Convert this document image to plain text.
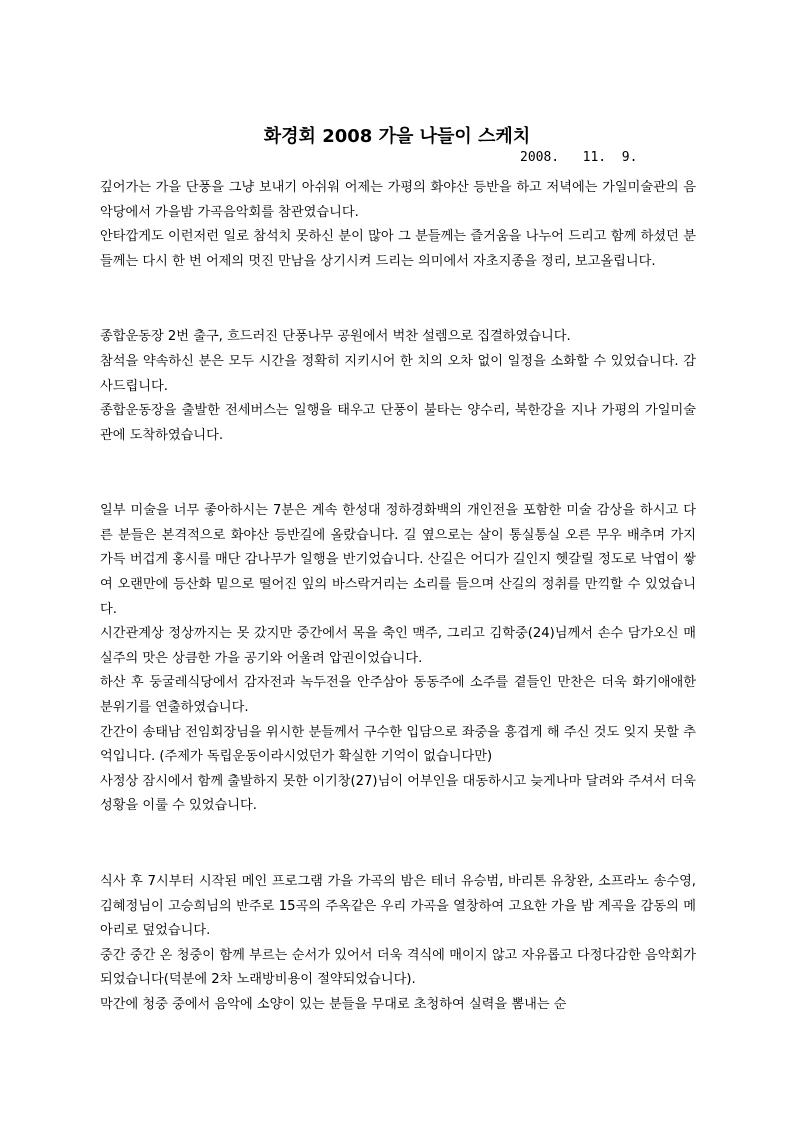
화경회 2008 가을 나들이 스케치
2008.   11.  9.

깊어가는 가을 단풍을 그냥 보내기 아쉬워 어제는 가평의 화야산 등반을 하고 저녁에는 가일미술관의 음악당에서 가을밤 가곡음악회를 참관였습니다.

안타깝게도 이런저런 일로 참석치 못하신 분이 많아 그 분들께는 즐거움을 나누어 드리고 함께 하셨던 분들께는 다시 한 번 어제의 멋진 만남을 상기시켜 드리는 의미에서 자초지종을 정리, 보고올립니다.

종합운동장 2번 출구, 흐드러진 단풍나무 공원에서 벅찬 설렘으로 집결하였습니다.

참석을 약속하신 분은 모두 시간을 정확히 지키시어 한 치의 오차 없이 일정을 소화할 수 있었습니다. 감사드립니다.

종합운동장을 출발한 전세버스는 일행을 태우고 단풍이 불타는 양수리, 북한강을 지나 가평의 가일미술관에 도착하였습니다.

일부 미술을 너무 좋아하시는 7분은 계속 한성대 정하경화백의 개인전을 포함한 미술 감상을 하시고 다른 분들은 본격적으로 화야산 등반길에 올랐습니다. 길 옆으로는 살이 통실통실 오른 무우 배추며 가지 가득 버겁게 홍시를 매단 감나무가 일행을 반기었습니다. 산길은 어디가 길인지 헷갈릴 정도로 낙엽이 쌓여 오랜만에 등산화 밑으로 떨어진 잎의 바스락거리는 소리를 들으며 산길의 정취를 만끽할 수 있었습니다.

시간관계상 정상까지는 못 갔지만 중간에서 목을 축인 맥주, 그리고 김학중(24)님께서 손수 담가오신 매실주의 맛은 상큼한 가을 공기와 어울려 압권이었습니다.

하산 후 둥굴레식당에서 감자전과 녹두전을 안주삼아 동동주에 소주를 곁들인 만찬은 더욱 화기애애한 분위기를 연출하였습니다.

간간이 송태남 전임회장님을 위시한 분들께서 구수한 입담으로 좌중을 흥겹게 해 주신 것도 잊지 못할 추억입니다. (주제가 독립운동이라시었던가 확실한 기억이 없습니다만)

사정상 잠시에서 함께 출발하지 못한 이기창(27)님이 어부인을 대동하시고 늦게나마 달려와 주셔서 더욱 성황을 이룰 수 있었습니다.

식사 후 7시부터 시작된 메인 프로그램 가을 가곡의 밤은 테너 유승범, 바리톤 유창완, 소프라노 송수영, 김혜정님이 고승희님의 반주로 15곡의 주옥같은 우리 가곡을 열창하여 고요한 가을 밤 계곡을 감동의 메아리로 덮었습니다.

중간 중간 온 청중이 함께 부르는 순서가 있어서 더욱 격식에 매이지 않고 자유롭고 다정다감한 음악회가 되었습니다(덕분에 2차 노래방비용이 절약되었습니다).

막간에 청중 중에서 음악에 소양이 있는 분들을 무대로 초청하여 실력을 뽐내는 순
